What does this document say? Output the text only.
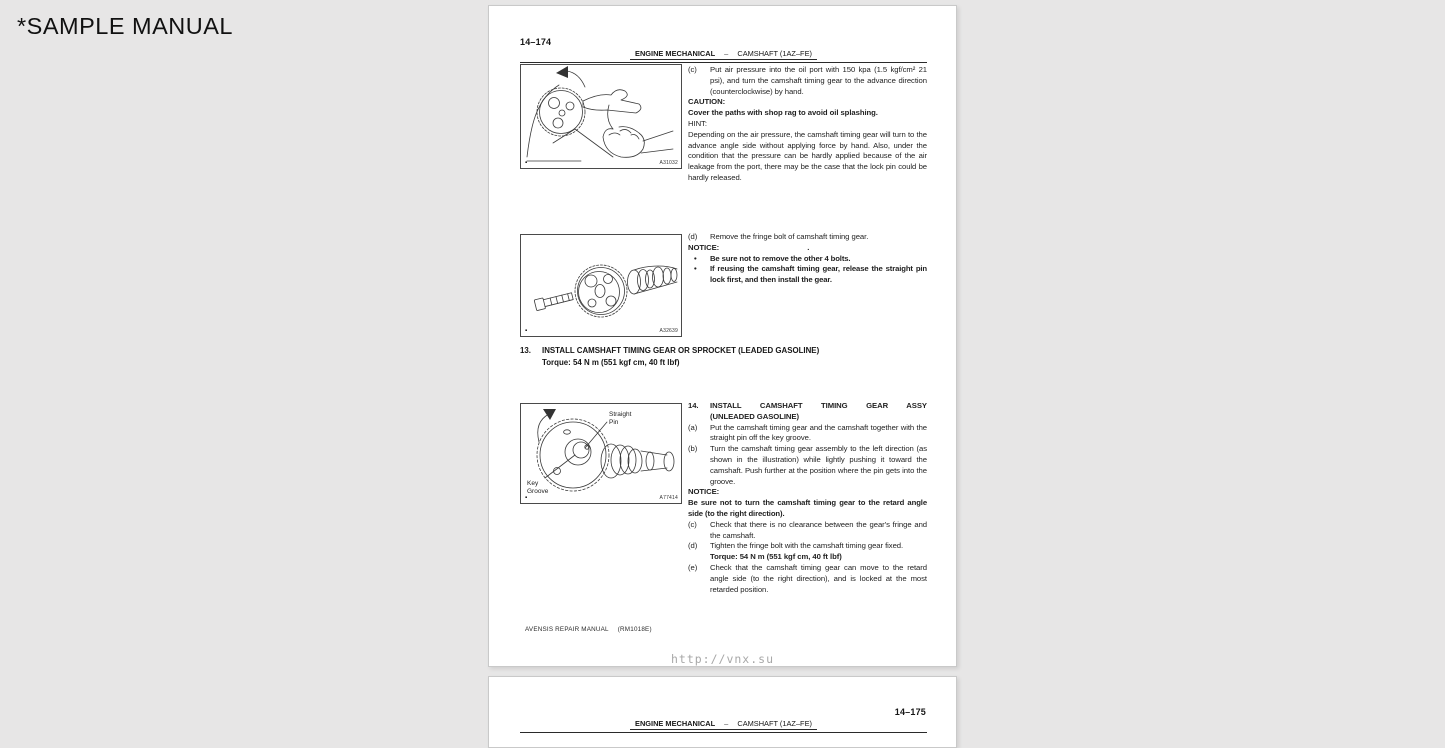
*SAMPLE MANUAL
14–174
ENGINE MECHANICAL – CAMSHAFT (1AZ–FE)
▪	A31032
▪	A32639
Straight
Pin
Key
Groove
▪	A77414
(c) Put air pressure into the oil port with 150 kpa (1.5 kgf/cm² 21 psi), and turn the camshaft timing gear to the advance direction (counterclockwise) by hand.
CAUTION:
Cover the paths with shop rag to avoid oil splashing.
HINT:
Depending on the air pressure, the camshaft timing gear will turn to the advance angle side without applying force by hand. Also, under the condition that the pressure can be hardly applied because of the air leakage from the port, there may be the case that the lock pin could be hardly released.
(d) Remove the fringe bolt of camshaft timing gear.
NOTICE:	.
• Be sure not to remove the other 4 bolts.
• If reusing the camshaft timing gear, release the straight pin lock first, and then install the gear.
13. INSTALL CAMSHAFT TIMING GEAR OR SPROCKET (LEADED GASOLINE)
Torque: 54 N m (551 kgf cm, 40 ft lbf)
14. INSTALL CAMSHAFT TIMING GEAR ASSY
(UNLEADED GASOLINE)
(a) Put the camshaft timing gear and the camshaft together with the straight pin off the key groove.
(b) Turn the camshaft timing gear assembly to the left direction (as shown in the illustration) while lightly pushing it toward the camshaft. Push further at the position where the pin gets into the groove.
NOTICE:
Be sure not to turn the camshaft timing gear to the retard angle side (to the right direction).
(c) Check that there is no clearance between the gear's fringe and the camshaft.
(d) Tighten the fringe bolt with the camshaft timing gear fixed.
Torque: 54 N m (551 kgf cm, 40 ft lbf)
(e) Check that the camshaft timing gear can move to the retard angle side (to the right direction), and is locked at the most retarded position.
AVENSIS REPAIR MANUAL (RM1018E)
http://vnx.su
14–175
ENGINE MECHANICAL – CAMSHAFT (1AZ–FE)
